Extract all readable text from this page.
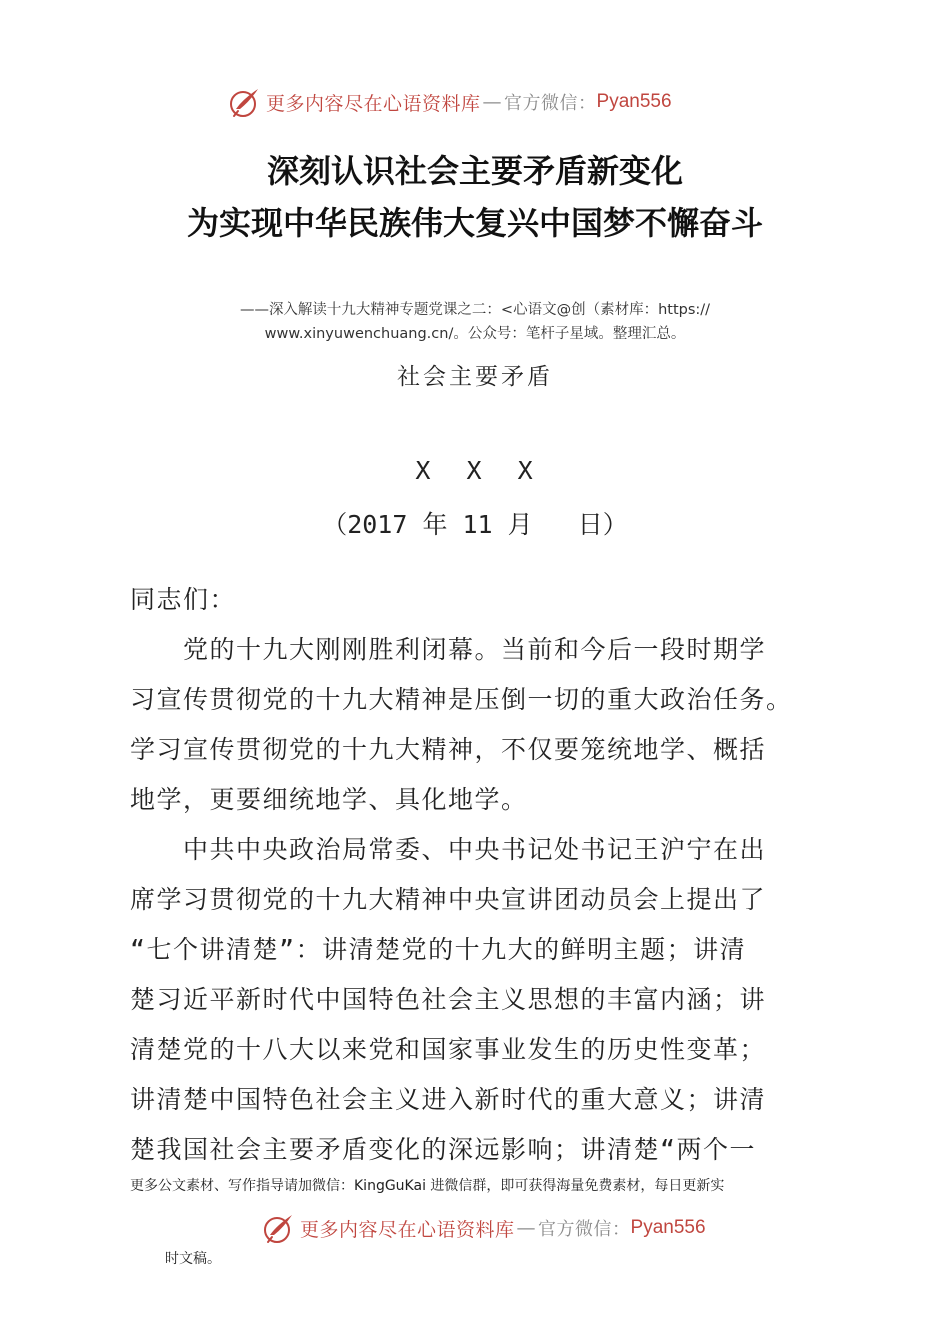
更多内容尽在心语资料库 — 官方微信： Pyan556
深刻认识社会主要矛盾新变化
为实现中华民族伟大复兴中国梦不懈奋斗
——深入解读十九大精神专题党课之二：<心语文@创（素材库：https://
www.xinyuwenchuang.cn/。公众号：笔杆子星域。整理汇总。
社会主要矛盾
X  X  X
（2017 年 11 月   日）
同志们：
　　党的十九大刚刚胜利闭幕。当前和今后一段时期学
习宣传贯彻党的十九大精神是压倒一切的重大政治任务。
学习宣传贯彻党的十九大精神，不仅要笼统地学、概括
地学，更要细统地学、具化地学。
　　中共中央政治局常委、中央书记处书记王沪宁在出
席学习贯彻党的十九大精神中央宣讲团动员会上提出了
“七个讲清楚”：讲清楚党的十九大的鲜明主题；讲清
楚习近平新时代中国特色社会主义思想的丰富内涵；讲
清楚党的十八大以来党和国家事业发生的历史性变革；
讲清楚中国特色社会主义进入新时代的重大意义；讲清
楚我国社会主要矛盾变化的深远影响；讲清楚“两个一
更多公文素材、写作指导请加微信：KingGuKai 进微信群，即可获得海量免费素材，每日更新实
更多内容尽在心语资料库 — 官方微信： Pyan556
时文稿。
